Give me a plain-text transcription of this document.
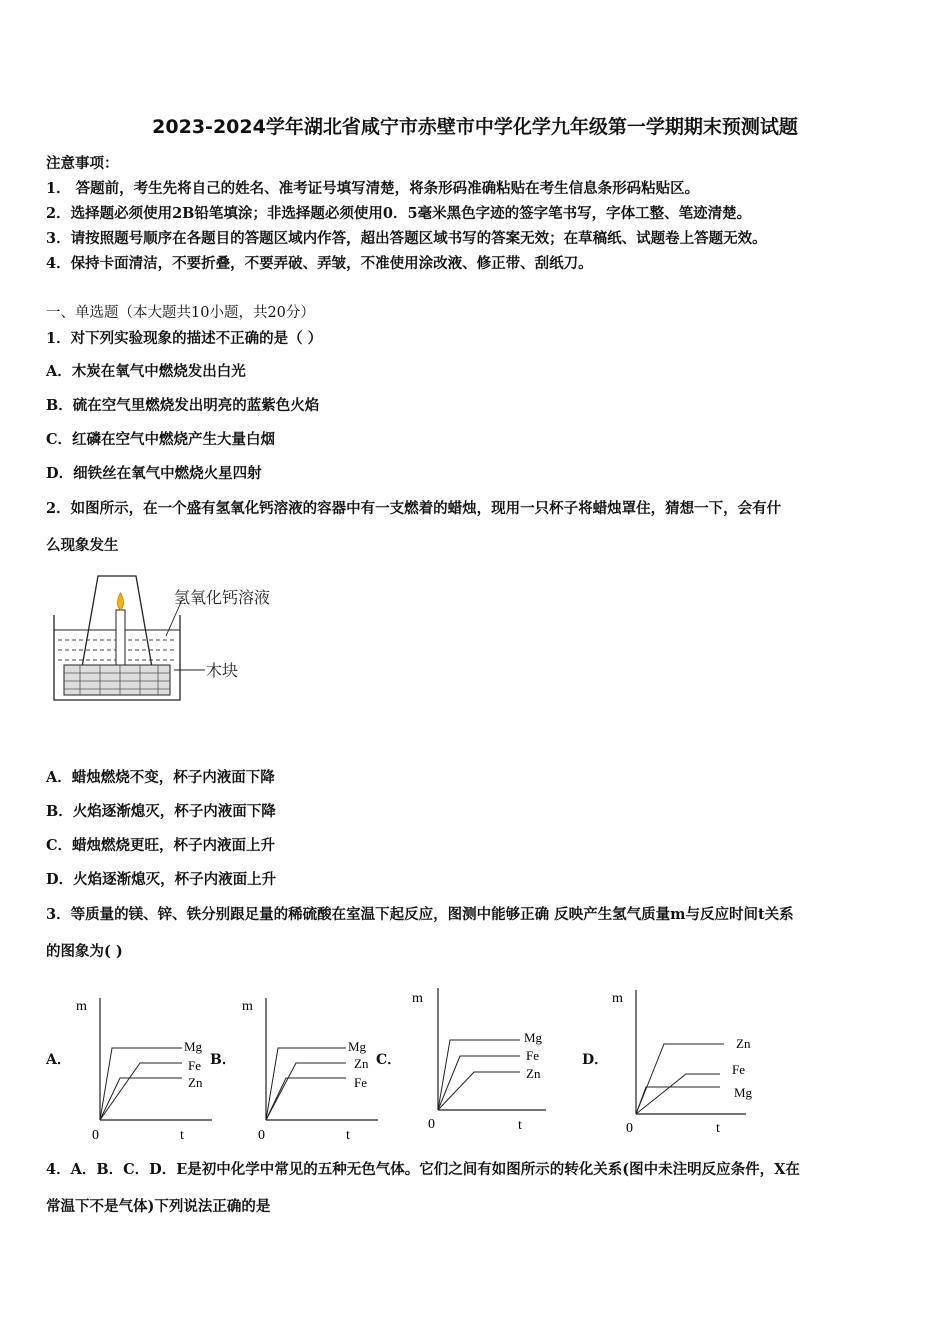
2023-2024学年湖北省咸宁市赤壁市中学化学九年级第一学期期末预测试题
注意事项：
1． 答题前，考生先将自己的姓名、准考证号填写清楚，将条形码准确粘贴在考生信息条形码粘贴区。
2．选择题必须使用2B铅笔填涂；非选择题必须使用0．5毫米黑色字迹的签字笔书写，字体工整、笔迹清楚。
3．请按照题号顺序在各题目的答题区域内作答，超出答题区域书写的答案无效；在草稿纸、试题卷上答题无效。
4．保持卡面清洁，不要折叠，不要弄破、弄皱，不准使用涂改液、修正带、刮纸刀。
一、单选题（本大题共10小题，共20分）
1．对下列实验现象的描述不正确的是（ ）
A．木炭在氧气中燃烧发出白光
B．硫在空气里燃烧发出明亮的蓝紫色火焰
C．红磷在空气中燃烧产生大量白烟
D．细铁丝在氧气中燃烧火星四射
2．如图所示，在一个盛有氢氧化钙溶液的容器中有一支燃着的蜡烛，现用一只杯子将蜡烛罩住，猜想一下，会有什
么现象发生
氢氧化钙溶液
木块
A．蜡烛燃烧不变，杯子内液面下降
B．火焰逐渐熄灭，杯子内液面下降
C．蜡烛燃烧更旺，杯子内液面上升
D．火焰逐渐熄灭，杯子内液面上升
3．等质量的镁、锌、铁分别跟足量的稀硫酸在室温下起反应，图测中能够正确 反映产生氢气质量m与反应时间t关系
的图象为( )
A．	B．	C．	D．
m
t
0
Mg
Fe
Zn
m
t
0
Mg
Zn
Fe
m
t
0
Mg
Fe
Zn
m
t
0
Zn
Fe
Mg
4．A．B．C．D．E是初中化学中常见的五种无色气体。它们之间有如图所示的转化关系(图中未注明反应条件，X在
常温下不是气体)下列说法正确的是
